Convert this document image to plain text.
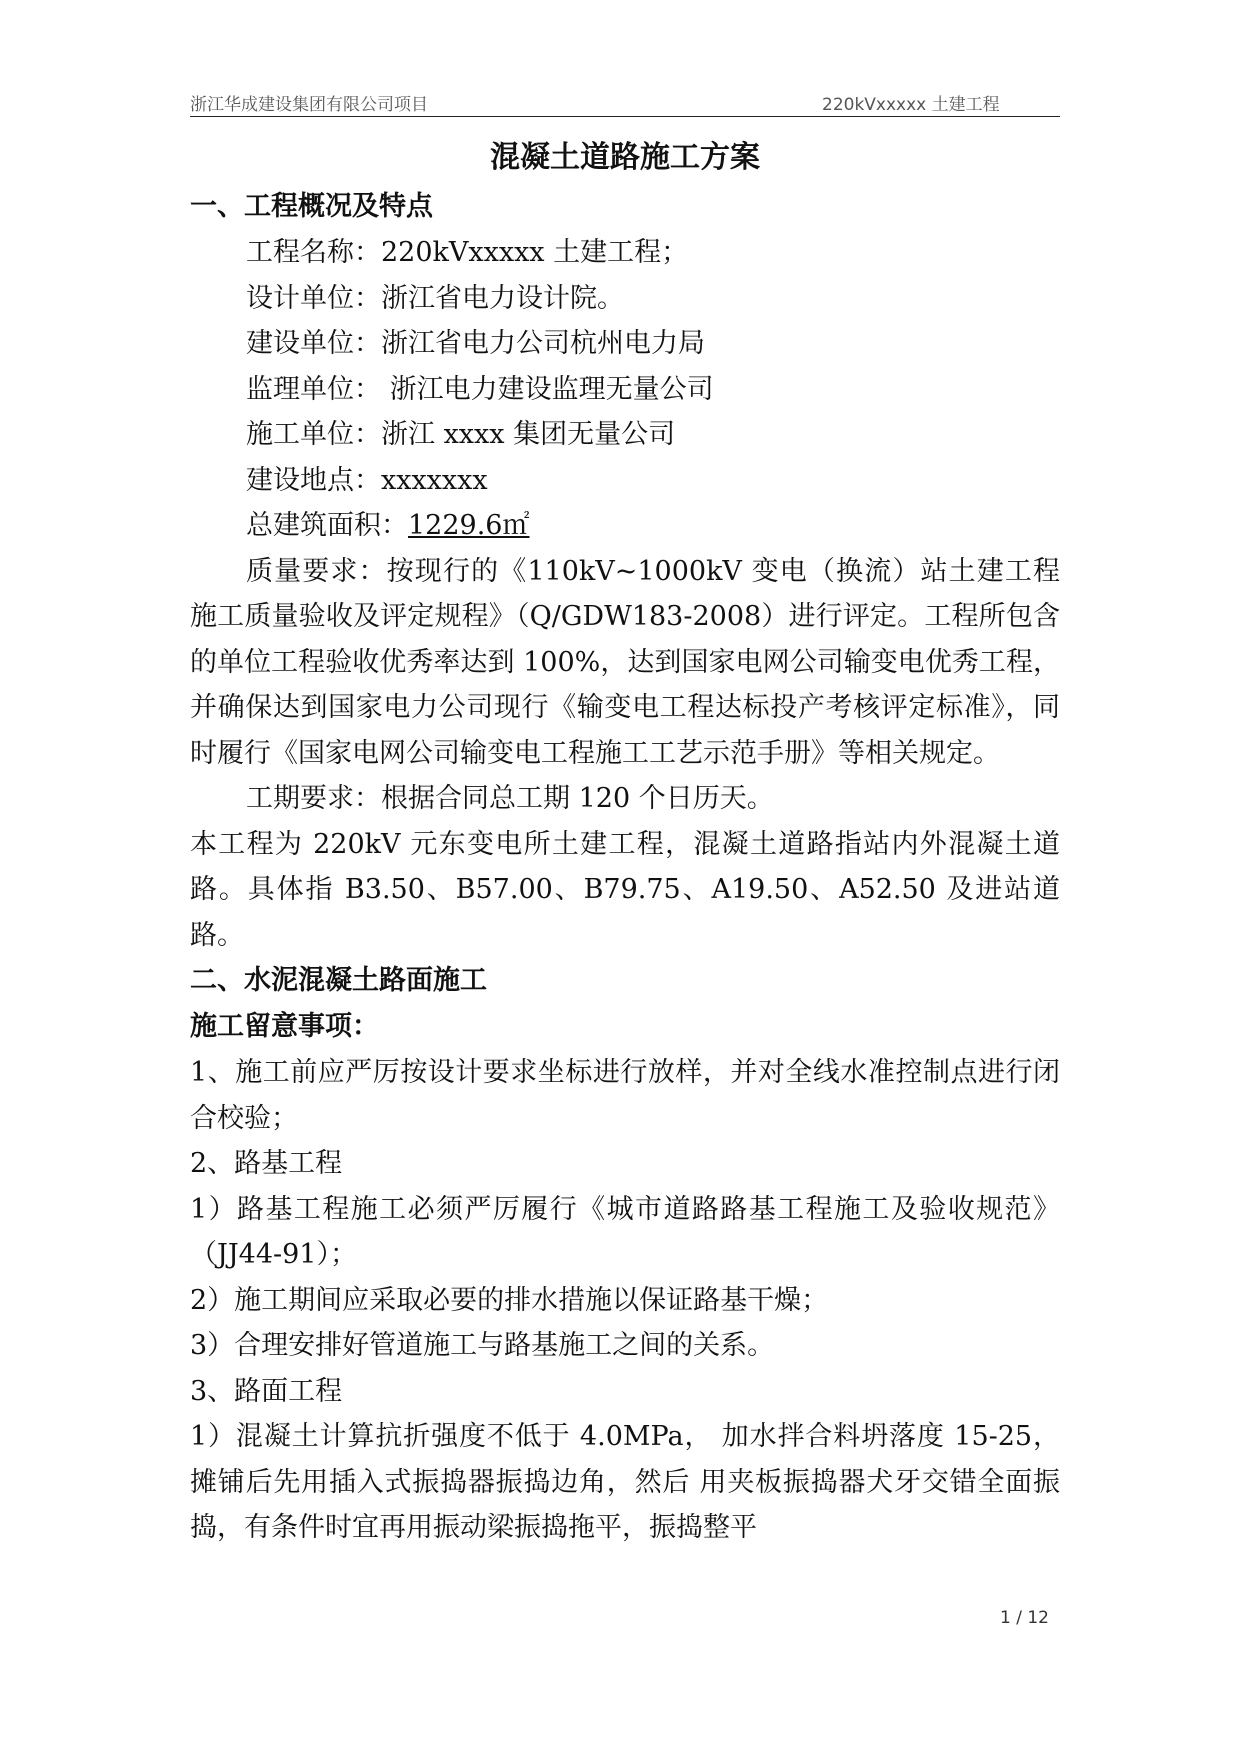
浙江华成建设集团有限公司项目	220kVxxxxx 土建工程

混凝土道路施工方案

一、工程概况及特点

工程名称：220kVxxxxx 土建工程；

设计单位：浙江省电力设计院。

建设单位：浙江省电力公司杭州电力局

监理单位： 浙江电力建设监理无量公司

施工单位：浙江 xxxx 集团无量公司

建设地点：xxxxxxx

总建筑面积：1229.6㎡

质量要求：按现行的《110kV~1000kV 变电（换流）站土建工程施工质量验收及评定规程》（Q/GDW183-2008）进行评定。工程所包含的单位工程验收优秀率达到 100%，达到国家电网公司输变电优秀工程，并确保达到国家电力公司现行《输变电工程达标投产考核评定标准》，同时履行《国家电网公司输变电工程施工工艺示范手册》等相关规定。

工期要求：根据合同总工期 120 个日历天。

本工程为 220kV 元东变电所土建工程，混凝土道路指站内外混凝土道路。具体指 B3.50、B57.00、B79.75、A19.50、A52.50 及进站道路。

二、水泥混凝土路面施工

施工留意事项：

1、施工前应严厉按设计要求坐标进行放样，并对全线水准控制点进行闭合校验；

2、路基工程

1）路基工程施工必须严厉履行《城市道路路基工程施工及验收规范》（JJ44-91）；

2）施工期间应采取必要的排水措施以保证路基干燥；

3）合理安排好管道施工与路基施工之间的关系。

3、路面工程

1）混凝土计算抗折强度不低于 4.0MPa， 加水拌合料坍落度 15-25，摊铺后先用插入式振捣器振捣边角，然后 用夹板振捣器犬牙交错全面振捣，有条件时宜再用振动梁振捣拖平，振捣整平

1 / 12
